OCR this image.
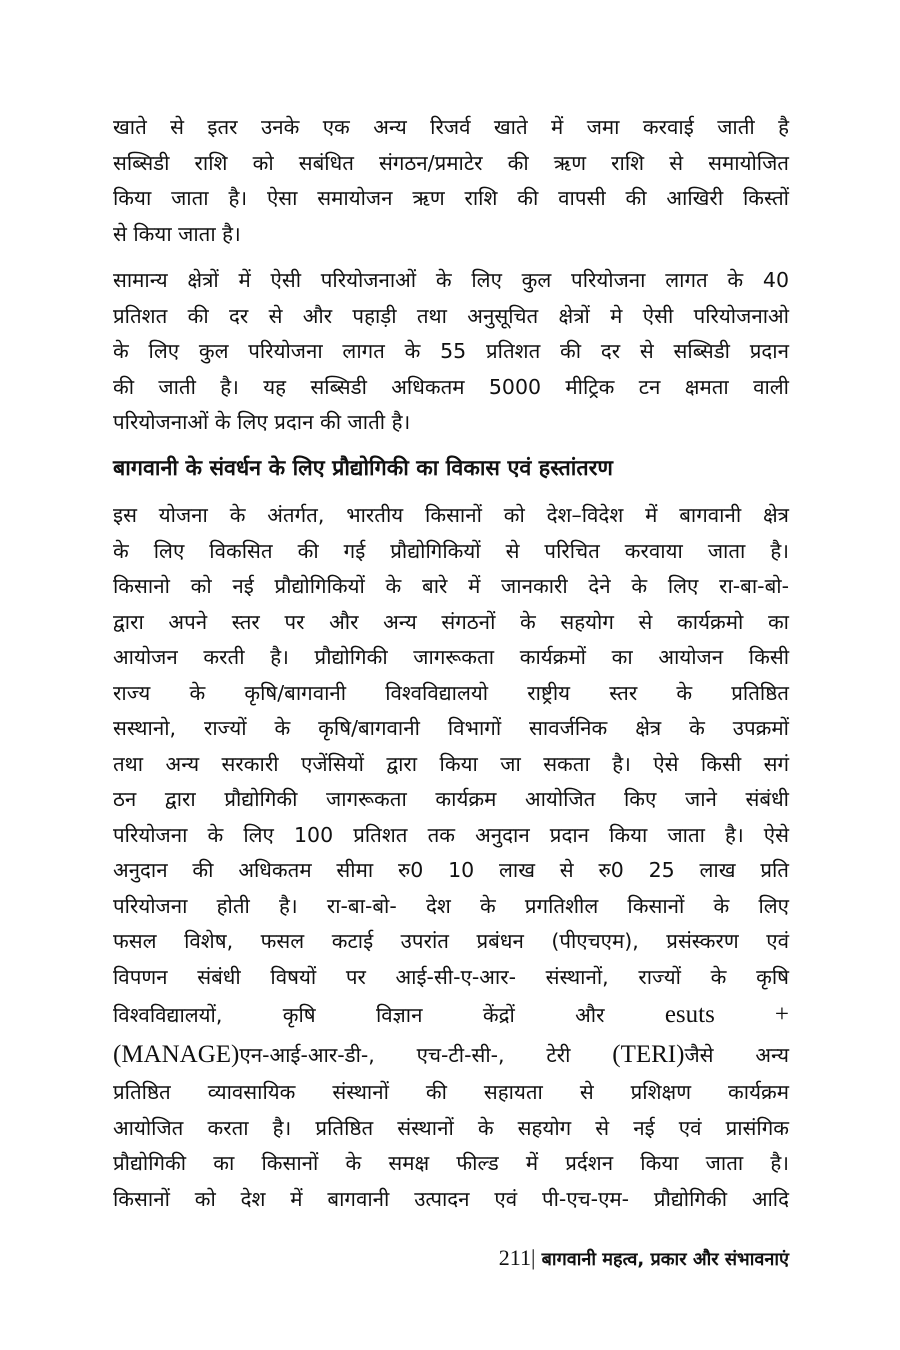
खाते से इतर उनके एक अन्य रिजर्व खाते में जमा करवाई जाती है
सब्सिडी राशि को सबंधित संगठन/प्रमाटेर की ऋण राशि से समायोजित
किया जाता है। ऐसा समायोजन ऋण राशि की वापसी की आखिरी किस्तों
से किया जाता है।
सामान्य क्षेत्रों में ऐसी परियोजनाओं के लिए कुल परियोजना लागत के 40
प्रतिशत की दर से और पहाड़ी तथा अनुसूचित क्षेत्रों मे ऐसी परियोजनाओ
के लिए कुल परियोजना लागत के 55 प्रतिशत की दर से सब्सिडी प्रदान
की जाती है। यह सब्सिडी अधिकतम 5000 मीट्रिक टन क्षमता वाली
परियोजनाओं के लिए प्रदान की जाती है।
बागवानी के संवर्धन के लिए प्रौद्योगिकी का विकास एवं हस्तांतरण
इस योजना के अंतर्गत, भारतीय किसानों को देश–विदेश में बागवानी क्षेत्र
के लिए विकसित की गई प्रौद्योगिकियों से परिचित करवाया जाता है।
किसानो को नई प्रौद्योगिकियों के बारे में जानकारी देने के लिए रा-बा-बो-
द्वारा अपने स्तर पर और अन्य संगठनों के सहयोग से कार्यक्रमो का
आयोजन करती है। प्रौद्योगिकी जागरूकता कार्यक्रमों का आयोजन किसी
राज्य के कृषि/बागवानी विश्वविद्यालयो राष्ट्रीय स्तर के प्रतिष्ठित
सस्थानो, राज्यों के कृषि/बागवानी विभागों सावर्जनिक क्षेत्र के उपक्रमों
तथा अन्य सरकारी एजेंसियों द्वारा किया जा सकता है। ऐसे किसी सगं
ठन द्वारा प्रौद्योगिकी जागरूकता कार्यक्रम आयोजित किए जाने संबंधी
परियोजना के लिए 100 प्रतिशत तक अनुदान प्रदान किया जाता है। ऐसे
अनुदान की अधिकतम सीमा रु0 10 लाख से रु0 25 लाख प्रति
परियोजना होती है। रा-बा-बो- देश के प्रगतिशील किसानों के लिए
फसल विशेष, फसल कटाई उपरांत प्रबंधन (पीएचएम), प्रसंस्करण एवं
विपणन संबंधी विषयों पर आई-सी-ए-आर- संस्थानों, राज्यों के कृषि
विश्वविद्यालयों, कृषि विज्ञान केंद्रों और esuts +
(MANAGE)एन-आई-आर-डी-, एच-टी-सी-, टेरी (TERI)जैसे अन्य
प्रतिष्ठित व्यावसायिक संस्थानों की सहायता से प्रशिक्षण कार्यक्रम
आयोजित करता है। प्रतिष्ठित संस्थानों के सहयोग से नई एवं प्रासंगिक
प्रौद्योगिकी का किसानों के समक्ष फील्ड में प्रर्दशन किया जाता है।
किसानों को देश में बागवानी उत्पादन एवं पी-एच-एम- प्रौद्योगिकी आदि
211| बागवानी महत्व, प्रकार और संभावनाएं
